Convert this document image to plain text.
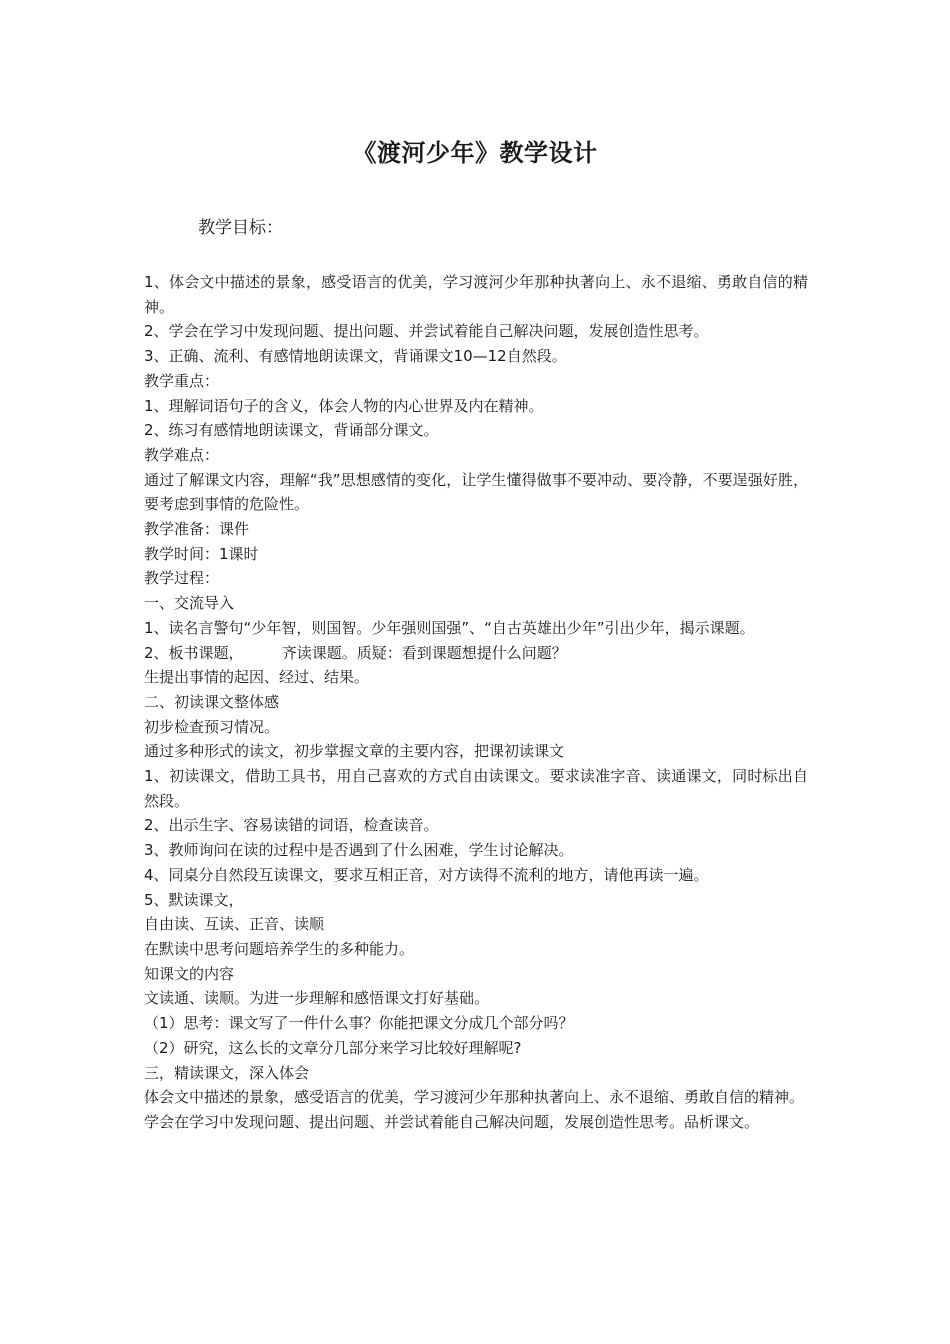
《渡河少年》教学设计

教学目标：

1、体会文中描述的景象，感受语言的优美，学习渡河少年那种执著向上、永不退缩、勇敢自信的精神。

2、学会在学习中发现问题、提出问题、并尝试着能自己解决问题，发展创造性思考。

3、正确、流利、有感情地朗读课文，背诵课文10—12自然段。

教学重点：

1、理解词语句子的含义，体会人物的内心世界及内在精神。

2、练习有感情地朗读课文，背诵部分课文。

教学难点：

通过了解课文内容，理解“我”思想感情的变化，让学生懂得做事不要冲动、要冷静，不要逞强好胜，要考虑到事情的危险性。

教学准备：课件

教学时间：1课时

教学过程：

一、交流导入

1、读名言警句“少年智，则国智。少年强则国强”、“自古英雄出少年”引出少年，揭示课题。

2、板书课题，        齐读课题。质疑：看到课题想提什么问题？

生提出事情的起因、经过、结果。

二、初读课文整体感

初步检查预习情况。

通过多种形式的读文，初步掌握文章的主要内容，把课初读课文

1、初读课文，借助工具书，用自己喜欢的方式自由读课文。要求读准字音、读通课文，同时标出自然段。

2、出示生字、容易读错的词语，检查读音。

3、教师询问在读的过程中是否遇到了什么困难，学生讨论解决。

4、同桌分自然段互读课文，要求互相正音，对方读得不流利的地方，请他再读一遍。

5、默读课文，

自由读、互读、正音、读顺

在默读中思考问题培养学生的多种能力。

知课文的内容

文读通、读顺。为进一步理解和感悟课文打好基础。

（1）思考：课文写了一件什么事？你能把课文分成几个部分吗？

（2）研究，这么长的文章分几部分来学习比较好理解呢?

三，精读课文，深入体会

体会文中描述的景象，感受语言的优美，学习渡河少年那种执著向上、永不退缩、勇敢自信的精神。

学会在学习中发现问题、提出问题、并尝试着能自己解决问题，发展创造性思考。品析课文。
